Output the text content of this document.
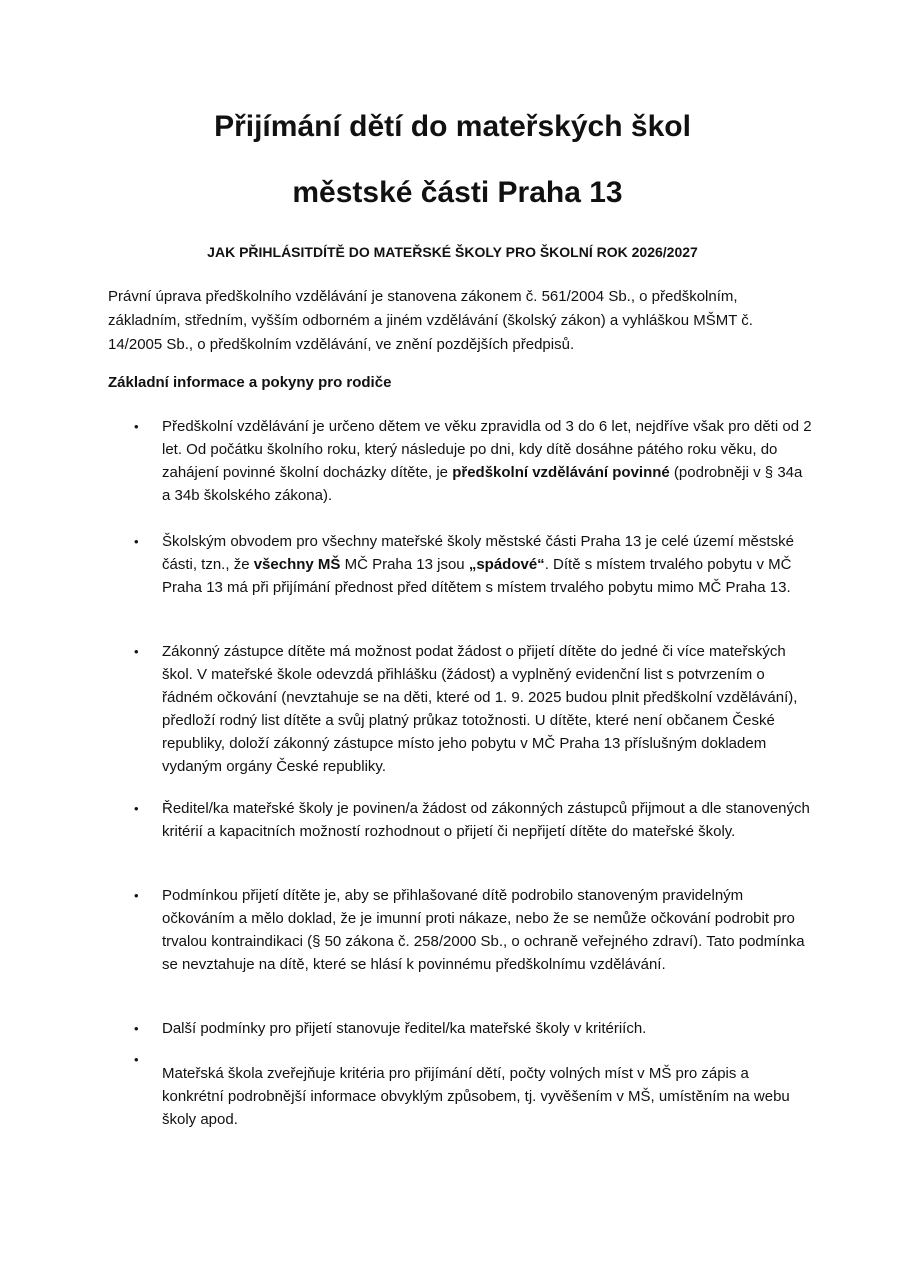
Přijímání dětí do mateřských škol
městské části Praha 13
JAK PŘIHLÁSITDÍTĚ DO MATEŘSKÉ ŠKOLY PRO ŠKOLNÍ ROK 2026/2027

Právní úprava předškolního vzdělávání je stanovena zákonem č. 561/2004 Sb., o předškolním, základním, středním, vyšším odborném a jiném vzdělávání (školský zákon) a vyhláškou MŠMT č. 14/2005 Sb., o předškolním vzdělávání, ve znění pozdějších předpisů.

Základní informace a pokyny pro rodiče
• Předškolní vzdělávání je určeno dětem ve věku zpravidla od 3 do 6 let, nejdříve však pro děti od 2 let. Od počátku školního roku, který následuje po dni, kdy dítě dosáhne pátého roku věku, do zahájení povinné školní docházky dítěte, je předškolní vzdělávání povinné (podrobněji v § 34a a 34b školského zákona).

• Školským obvodem pro všechny mateřské školy městské části Praha 13 je celé území městské části, tzn., že všechny MŠ MČ Praha 13 jsou „spádové“. Dítě s místem trvalého pobytu v MČ Praha 13 má při přijímání přednost před dítětem s místem trvalého pobytu mimo MČ Praha 13.

• Zákonný zástupce dítěte má možnost podat žádost o přijetí dítěte do jedné či více mateřských škol. V mateřské škole odevzdá přihlášku (žádost) a vyplněný evidenční list s potvrzením o řádném očkování (nevztahuje se na děti, které od 1. 9. 2025 budou plnit předškolní vzdělávání), předloží rodný list dítěte a svůj platný průkaz totožnosti. U dítěte, které není občanem České republiky, doloží zákonný zástupce místo jeho pobytu v MČ Praha 13 příslušným dokladem vydaným orgány České republiky.

• Ředitel/ka mateřské školy je povinen/a žádost od zákonných zástupců přijmout a dle stanovených kritérií a kapacitních možností rozhodnout o přijetí či nepřijetí dítěte do mateřské školy.

• Podmínkou přijetí dítěte je, aby se přihlašované dítě podrobilo stanoveným pravidelným očkováním a mělo doklad, že je imunní proti nákaze, nebo že se nemůže očkování podrobit pro trvalou kontraindikaci (§ 50 zákona č. 258/2000 Sb., o ochraně veřejného zdraví). Tato podmínka se nevztahuje na dítě, které se hlásí k povinnému předškolnímu vzdělávání.

• Další podmínky pro přijetí stanovuje ředitel/ka mateřské školy v kritériích.

•

Mateřská škola zveřejňuje kritéria pro přijímání dětí, počty volných míst v MŠ pro zápis a konkrétní podrobnější informace obvyklým způsobem, tj. vyvěšením v MŠ, umístěním na webu školy apod.
